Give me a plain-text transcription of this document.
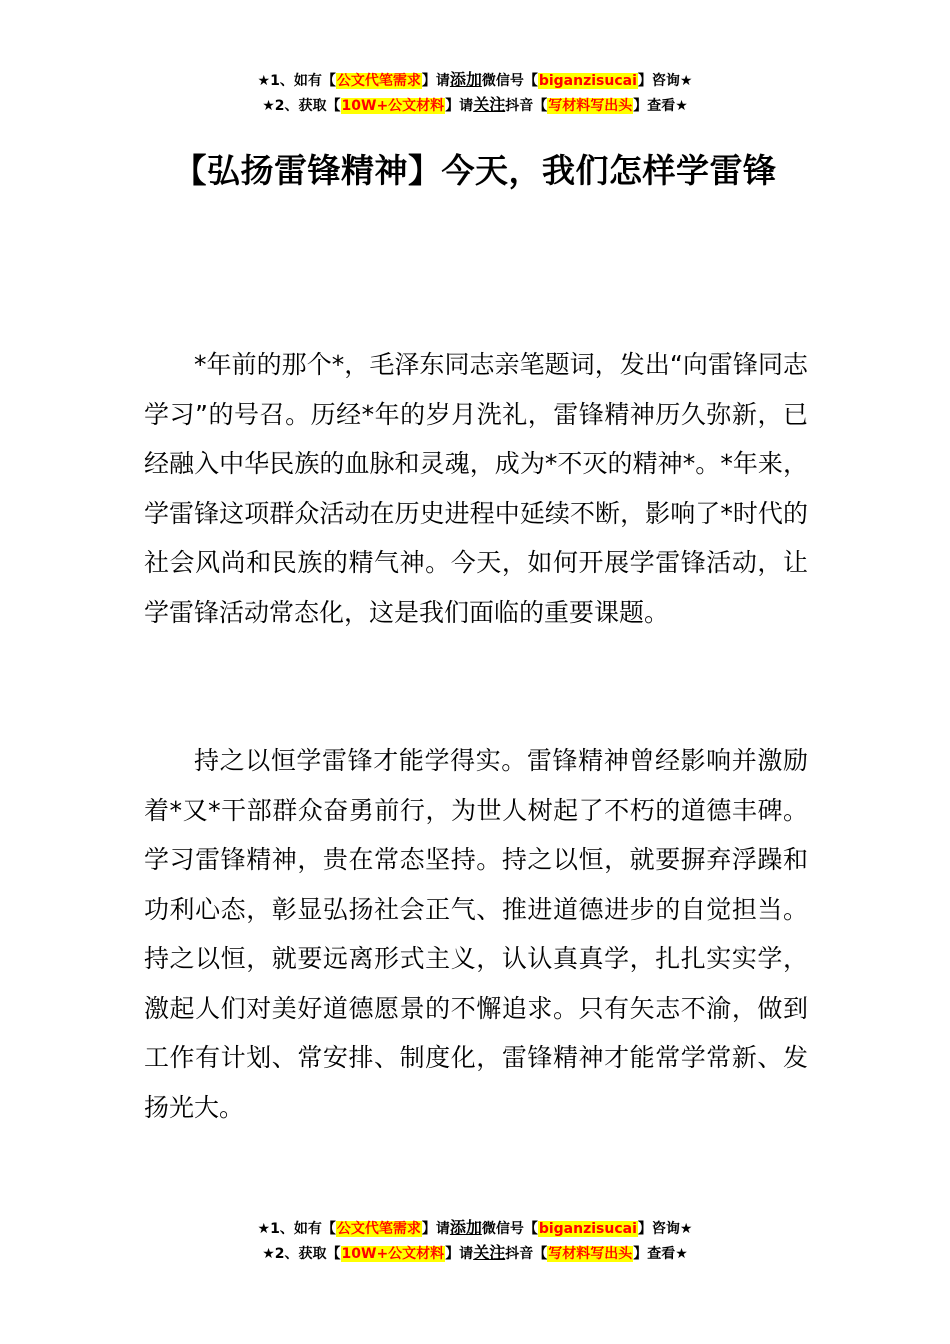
★1、如有【公文代笔需求】请添加微信号【biganzisucai】咨询★
★2、获取【10W+公文材料】请关注抖音【写材料写出头】查看★
【弘扬雷锋精神】今天，我们怎样学雷锋

*年前的那个*，毛泽东同志亲笔题词，发出“向雷锋同志学习”的号召。历经*年的岁月洗礼，雷锋精神历久弥新，已经融入中华民族的血脉和灵魂，成为*不灭的精神*。*年来，学雷锋这项群众活动在历史进程中延续不断，影响了*时代的社会风尚和民族的精气神。今天，如何开展学雷锋活动，让学雷锋活动常态化，这是我们面临的重要课题。

持之以恒学雷锋才能学得实。雷锋精神曾经影响并激励着*又*干部群众奋勇前行，为世人树起了不朽的道德丰碑。学习雷锋精神，贵在常态坚持。持之以恒，就要摒弃浮躁和功利心态，彰显弘扬社会正气、推进道德进步的自觉担当。持之以恒，就要远离形式主义，认认真真学，扎扎实实学，激起人们对美好道德愿景的不懈追求。只有矢志不渝，做到工作有计划、常安排、制度化，雷锋精神才能常学常新、发扬光大。

★1、如有【公文代笔需求】请添加微信号【biganzisucai】咨询★
★2、获取【10W+公文材料】请关注抖音【写材料写出头】查看★
